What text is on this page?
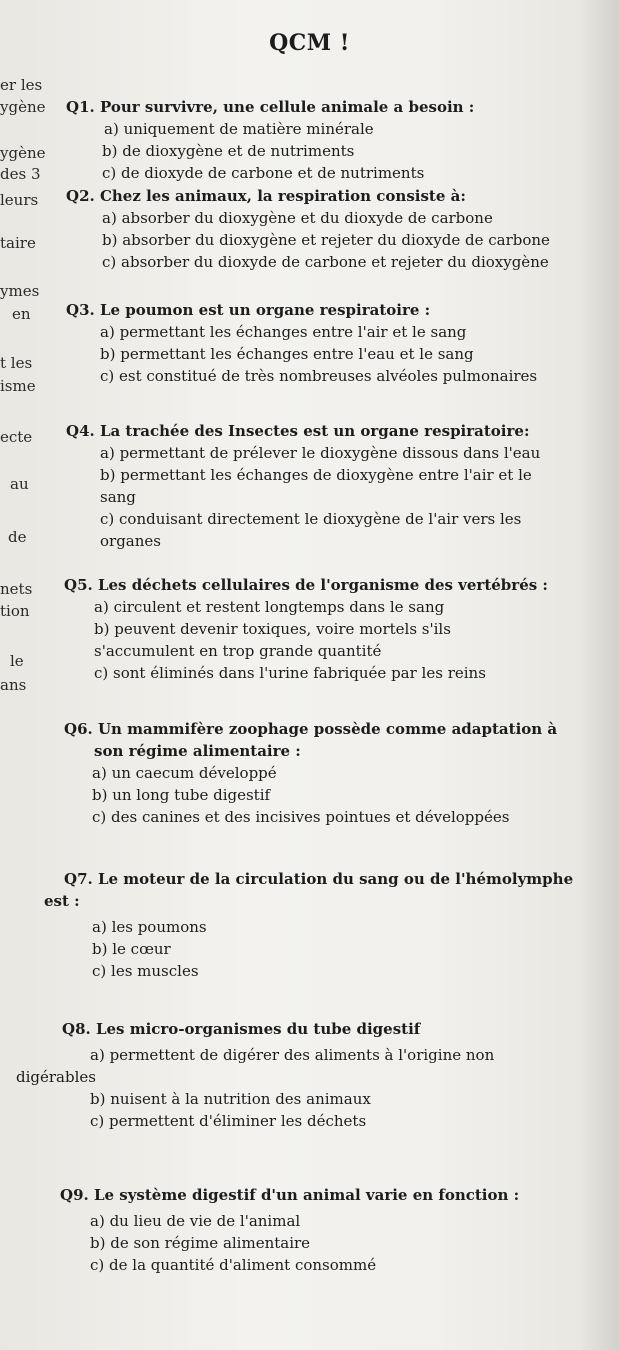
QCM !
er les
ygène
ygène
des 3
leurs
taire
ymes
en
t les
isme
ecte
au
de
nets
tion
le
ans
Q1. Pour survivre, une cellule animale a besoin :
a) uniquement de matière minérale
b) de dioxygène et de nutriments
c) de dioxyde de carbone et de nutriments
Q2. Chez les animaux, la respiration consiste à:
a) absorber du dioxygène et du dioxyde de carbone
b) absorber du dioxygène et rejeter du dioxyde de carbone
c) absorber du dioxyde de carbone et rejeter du dioxygène
Q3. Le poumon est un organe respiratoire :
a) permettant les échanges entre l'air et le sang
b) permettant les échanges entre l'eau et le sang
c) est constitué de très nombreuses alvéoles pulmonaires
Q4. La trachée des Insectes est un organe respiratoire:
a) permettant de prélever le dioxygène dissous dans l'eau
b) permettant les échanges de dioxygène entre l'air et le
sang
c) conduisant directement le dioxygène de l'air vers les
organes
Q5. Les déchets cellulaires de l'organisme des vertébrés :
a) circulent et restent longtemps dans le sang
b) peuvent devenir toxiques, voire mortels s'ils
s'accumulent en trop grande quantité
c) sont éliminés dans l'urine fabriquée par les reins
Q6. Un mammifère zoophage possède comme adaptation à
son régime alimentaire :
a) un caecum développé
b) un long tube digestif
c) des canines et des incisives pointues et développées
Q7. Le moteur de la circulation du sang ou de l'hémolymphe
est :
a) les poumons
b) le cœur
c) les muscles
Q8. Les micro-organismes du tube digestif
a) permettent de digérer des aliments à l'origine non
digérables
b) nuisent à la nutrition des animaux
c) permettent d'éliminer les déchets
Q9. Le système digestif d'un animal varie en fonction :
a) du lieu de vie de l'animal
b) de son régime alimentaire
c) de la quantité d'aliment consommé
